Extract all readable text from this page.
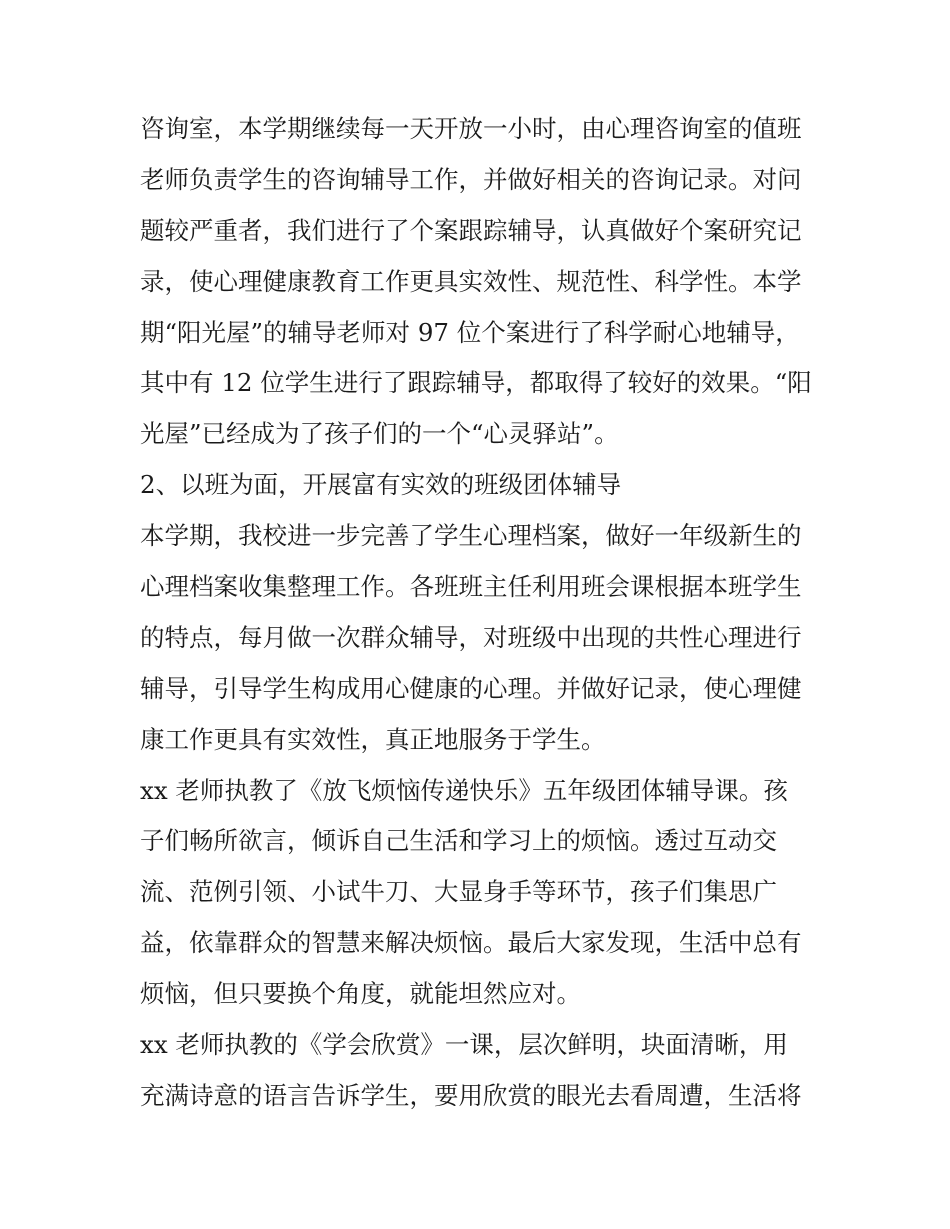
咨询室，本学期继续每一天开放一小时，由心理咨询室的值班
老师负责学生的咨询辅导工作，并做好相关的咨询记录。对问
题较严重者，我们进行了个案跟踪辅导，认真做好个案研究记
录，使心理健康教育工作更具实效性、规范性、科学性。本学
期“阳光屋”的辅导老师对 97 位个案进行了科学耐心地辅导，
其中有 12 位学生进行了跟踪辅导，都取得了较好的效果。“阳
光屋”已经成为了孩子们的一个“心灵驿站”。
2、以班为面，开展富有实效的班级团体辅导
本学期，我校进一步完善了学生心理档案，做好一年级新生的
心理档案收集整理工作。各班班主任利用班会课根据本班学生
的特点，每月做一次群众辅导，对班级中出现的共性心理进行
辅导，引导学生构成用心健康的心理。并做好记录，使心理健
康工作更具有实效性，真正地服务于学生。
xx 老师执教了《放飞烦恼传递快乐》五年级团体辅导课。孩
子们畅所欲言，倾诉自己生活和学习上的烦恼。透过互动交
流、范例引领、小试牛刀、大显身手等环节，孩子们集思广
益，依靠群众的智慧来解决烦恼。最后大家发现，生活中总有
烦恼，但只要换个角度，就能坦然应对。
xx 老师执教的《学会欣赏》一课，层次鲜明，块面清晰，用
充满诗意的语言告诉学生，要用欣赏的眼光去看周遭，生活将
